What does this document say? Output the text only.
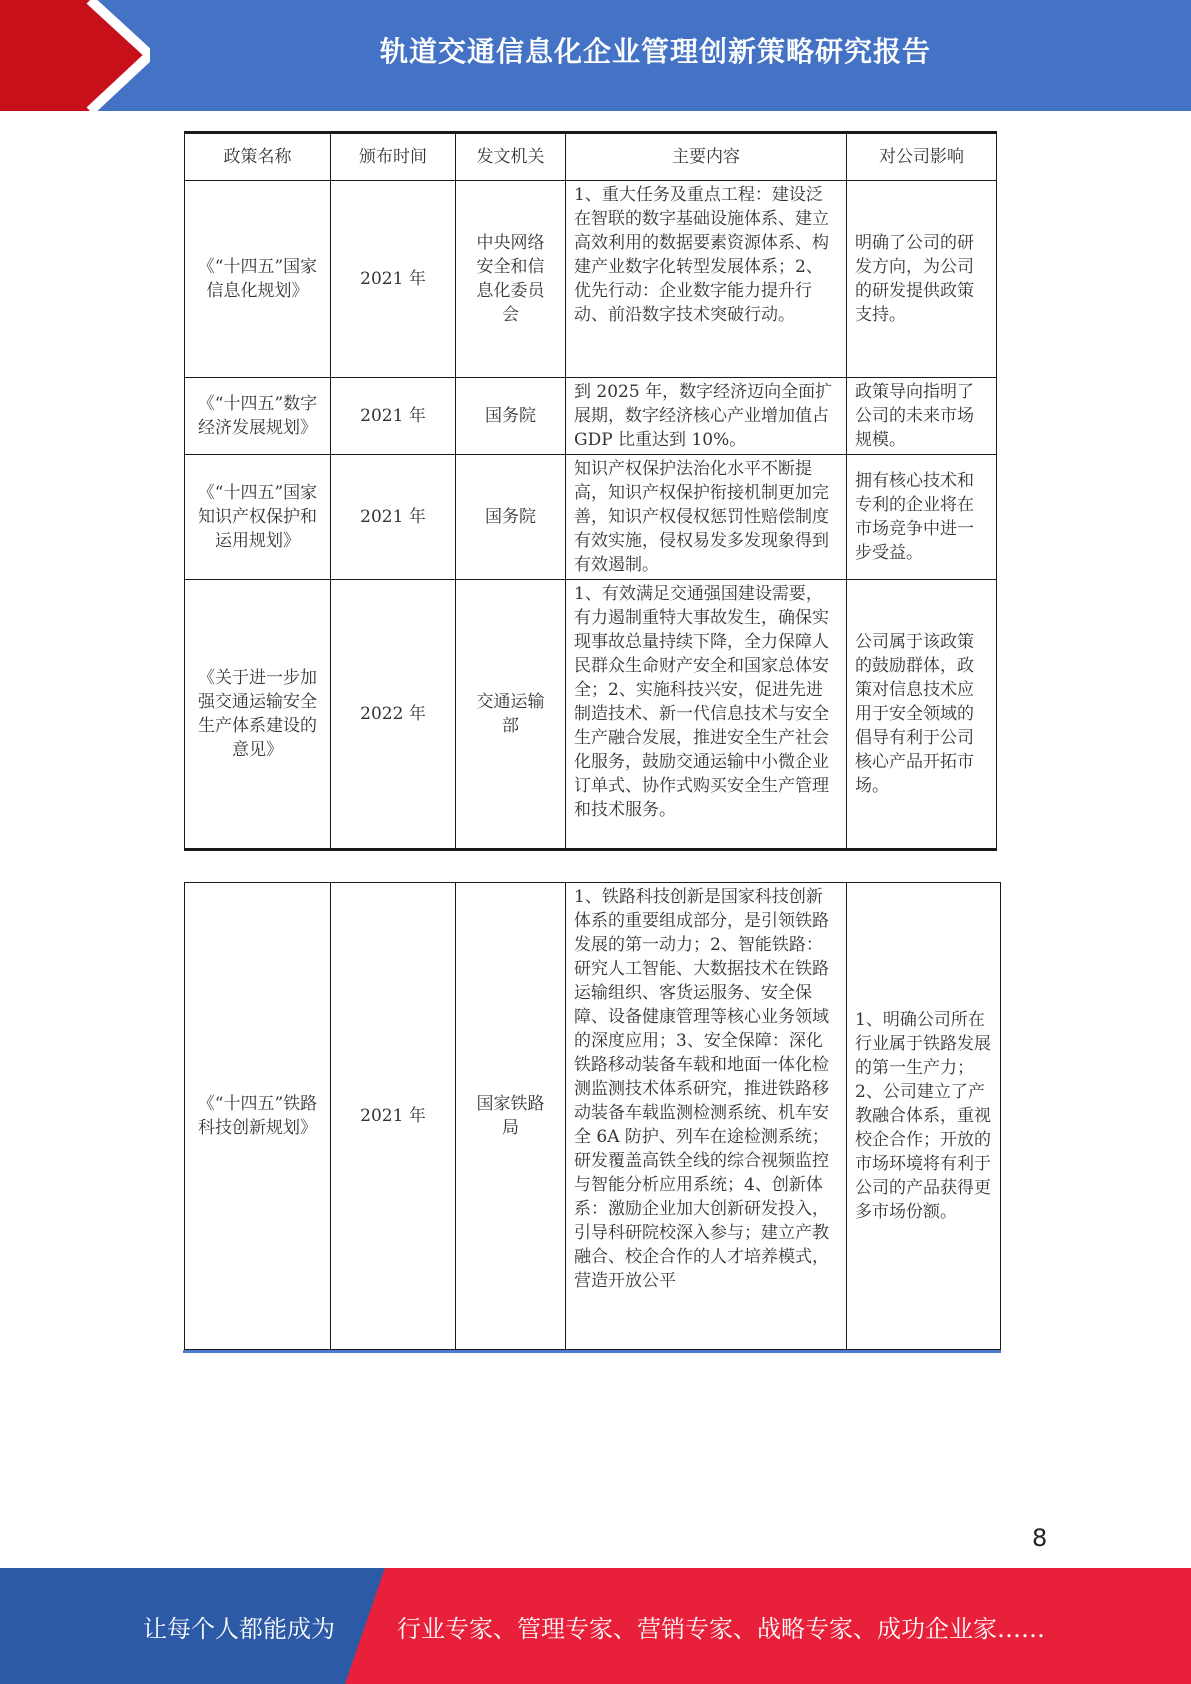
轨道交通信息化企业管理创新策略研究报告
政策名称	颁布时间	发文机关	主要内容	对公司影响
《“十四五”国家信息化规划》	2021 年	中央网络安全和信息化委员会	1、重大任务及重点工程：建设泛在智联的数字基础设施体系、建立高效利用的数据要素资源体系、构建产业数字化转型发展体系；2、优先行动：企业数字能力提升行动、前沿数字技术突破行动。	明确了公司的研发方向，为公司的研发提供政策支持。
《“十四五”数字经济发展规划》	2021 年	国务院	到 2025 年，数字经济迈向全面扩展期，数字经济核心产业增加值占 GDP 比重达到 10%。	政策导向指明了公司的未来市场规模。
《“十四五”国家知识产权保护和运用规划》	2021 年	国务院	知识产权保护法治化水平不断提高，知识产权保护衔接机制更加完善，知识产权侵权惩罚性赔偿制度有效实施，侵权易发多发现象得到有效遏制。	拥有核心技术和专利的企业将在市场竞争中进一步受益。
《关于进一步加强交通运输安全生产体系建设的意见》	2022 年	交通运输部	1、有效满足交通强国建设需要，有力遏制重特大事故发生，确保实现事故总量持续下降，全力保障人民群众生命财产安全和国家总体安全；2、实施科技兴安，促进先进制造技术、新一代信息技术与安全生产融合发展，推进安全生产社会化服务，鼓励交通运输中小微企业订单式、协作式购买安全生产管理和技术服务。	公司属于该政策的鼓励群体，政策对信息技术应用于安全领域的倡导有利于公司核心产品开拓市场。
《“十四五”铁路科技创新规划》	2021 年	国家铁路局	1、铁路科技创新是国家科技创新体系的重要组成部分，是引领铁路发展的第一动力；2、智能铁路：研究人工智能、大数据技术在铁路运输组织、客货运服务、安全保障、设备健康管理等核心业务领域的深度应用；3、安全保障：深化铁路移动装备车载和地面一体化检测监测技术体系研究，推进铁路移动装备车载监测检测系统、机车安全 6A 防护、列车在途检测系统；研发覆盖高铁全线的综合视频监控与智能分析应用系统；4、创新体系：激励企业加大创新研发投入，引导科研院校深入参与；建立产教融合、校企合作的人才培养模式，营造开放公平	1、明确公司所在行业属于铁路发展的第一生产力；2、公司建立了产教融合体系，重视校企合作；开放的市场环境将有利于公司的产品获得更多市场份额。
8
让每个人都能成为	行业专家、管理专家、营销专家、战略专家、成功企业家……
